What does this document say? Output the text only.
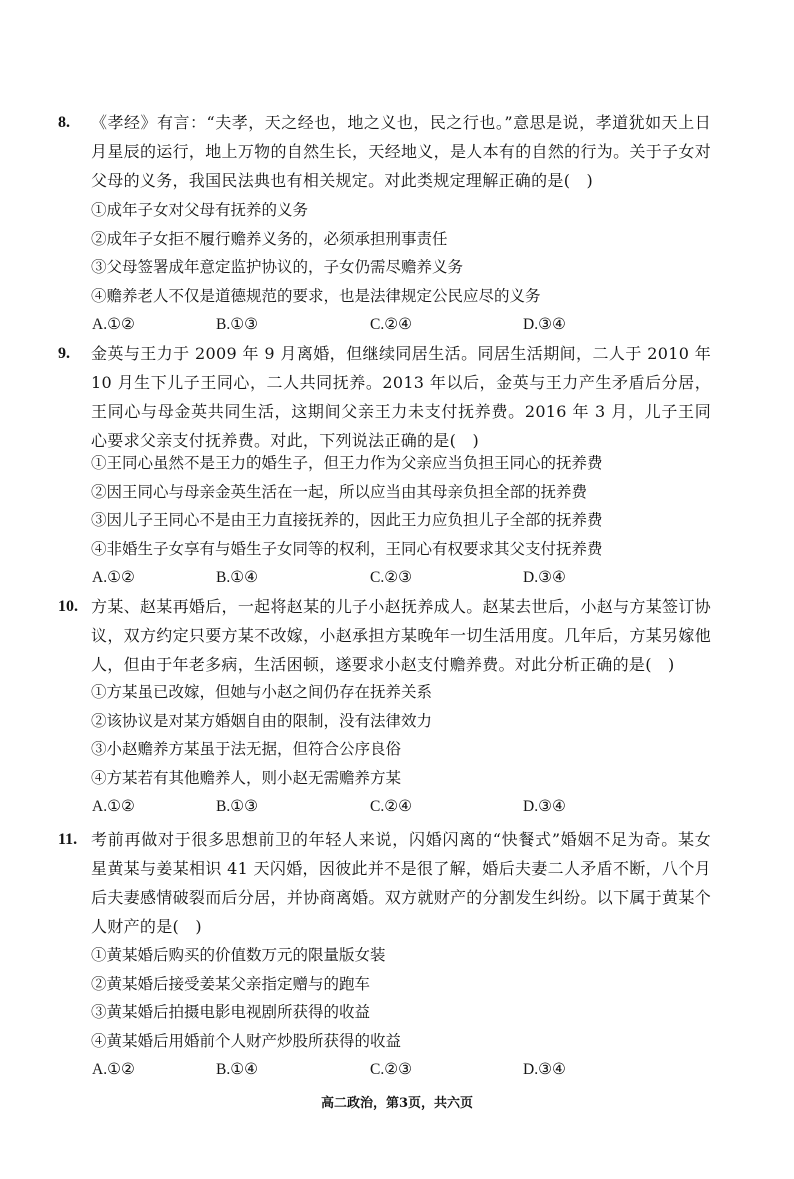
8. 《孝经》有言：“夫孝，天之经也，地之义也，民之行也。”意思是说，孝道犹如天上日月星辰的运行，地上万物的自然生长，天经地义，是人本有的自然的行为。关于子女对父母的义务，我国民法典也有相关规定。对此类规定理解正确的是(　)
①成年子女对父母有抚养的义务
②成年子女拒不履行赡养义务的，必须承担刑事责任
③父母签署成年意定监护协议的，子女仍需尽赡养义务
④赡养老人不仅是道德规范的要求，也是法律规定公民应尽的义务
A.①②	B.①③	C.②④	D.③④
9. 金英与王力于 2009 年 9 月离婚，但继续同居生活。同居生活期间，二人于 2010 年 10 月生下儿子王同心，二人共同抚养。2013 年以后，金英与王力产生矛盾后分居，王同心与母金英共同生活，这期间父亲王力未支付抚养费。2016 年 3 月，儿子王同心要求父亲支付抚养费。对此，下列说法正确的是(　)
①王同心虽然不是王力的婚生子，但王力作为父亲应当负担王同心的抚养费
②因王同心与母亲金英生活在一起，所以应当由其母亲负担全部的抚养费
③因儿子王同心不是由王力直接抚养的，因此王力应负担儿子全部的抚养费
④非婚生子女享有与婚生子女同等的权利，王同心有权要求其父支付抚养费
A.①②	B.①④	C.②③	D.③④
10. 方某、赵某再婚后，一起将赵某的儿子小赵抚养成人。赵某去世后，小赵与方某签订协议，双方约定只要方某不改嫁，小赵承担方某晚年一切生活用度。几年后，方某另嫁他人，但由于年老多病，生活困顿，遂要求小赵支付赡养费。对此分析正确的是(　)
①方某虽已改嫁，但她与小赵之间仍存在抚养关系
②该协议是对某方婚姻自由的限制，没有法律效力
③小赵赡养方某虽于法无据，但符合公序良俗
④方某若有其他赡养人，则小赵无需赡养方某
A.①②	B.①③	C.②④	D.③④
11. 考前再做对于很多思想前卫的年轻人来说，闪婚闪离的“快餐式”婚姻不足为奇。某女星黄某与姜某相识 41 天闪婚，因彼此并不是很了解，婚后夫妻二人矛盾不断，八个月后夫妻感情破裂而后分居，并协商离婚。双方就财产的分割发生纠纷。以下属于黄某个人财产的是(　)
①黄某婚后购买的价值数万元的限量版女装
②黄某婚后接受姜某父亲指定赠与的跑车
③黄某婚后拍摄电影电视剧所获得的收益
④黄某婚后用婚前个人财产炒股所获得的收益
A.①②	B.①④	C.②③	D.③④
高二政治，第3页，共六页
